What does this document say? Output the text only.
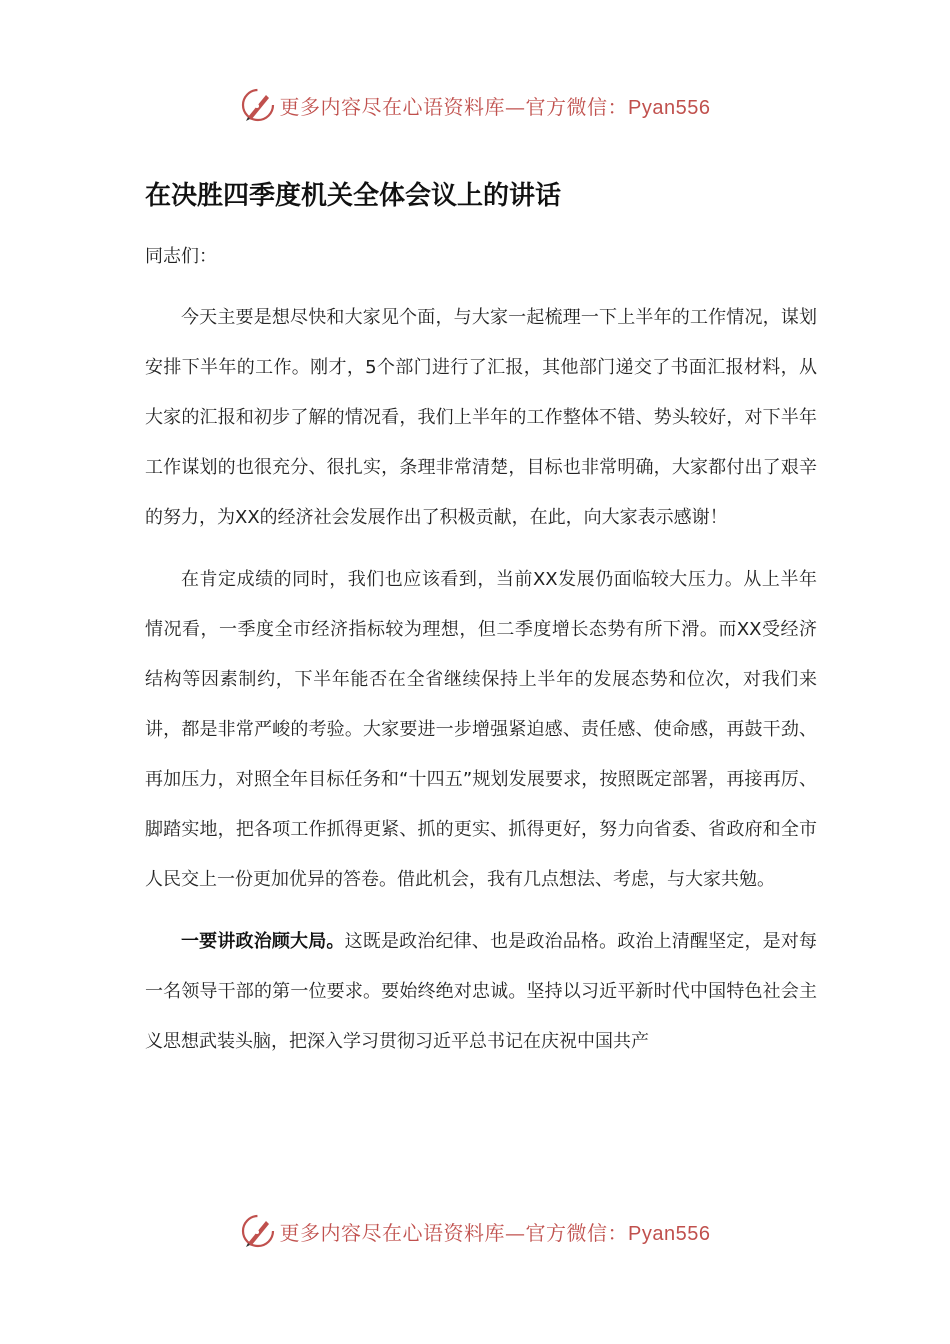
更多内容尽在心语资料库—官方微信：Pyan556
在决胜四季度机关全体会议上的讲话
同志们：

今天主要是想尽快和大家见个面，与大家一起梳理一下上半年的工作情况，谋划安排下半年的工作。刚才，5个部门进行了汇报，其他部门递交了书面汇报材料，从大家的汇报和初步了解的情况看，我们上半年的工作整体不错、势头较好，对下半年工作谋划的也很充分、很扎实，条理非常清楚，目标也非常明确，大家都付出了艰辛的努力，为XX的经济社会发展作出了积极贡献，在此，向大家表示感谢！

在肯定成绩的同时，我们也应该看到，当前XX发展仍面临较大压力。从上半年情况看，一季度全市经济指标较为理想，但二季度增长态势有所下滑。而XX受经济结构等因素制约，下半年能否在全省继续保持上半年的发展态势和位次，对我们来讲，都是非常严峻的考验。大家要进一步增强紧迫感、责任感、使命感，再鼓干劲、再加压力，对照全年目标任务和“十四五”规划发展要求，按照既定部署，再接再厉、脚踏实地，把各项工作抓得更紧、抓的更实、抓得更好，努力向省委、省政府和全市人民交上一份更加优异的答卷。借此机会，我有几点想法、考虑，与大家共勉。

一要讲政治顾大局。这既是政治纪律、也是政治品格。政治上清醒坚定，是对每一名领导干部的第一位要求。要始终绝对忠诚。坚持以习近平新时代中国特色社会主义思想武装头脑，把深入学习贯彻习近平总书记在庆祝中国共产

更多内容尽在心语资料库—官方微信：Pyan556
